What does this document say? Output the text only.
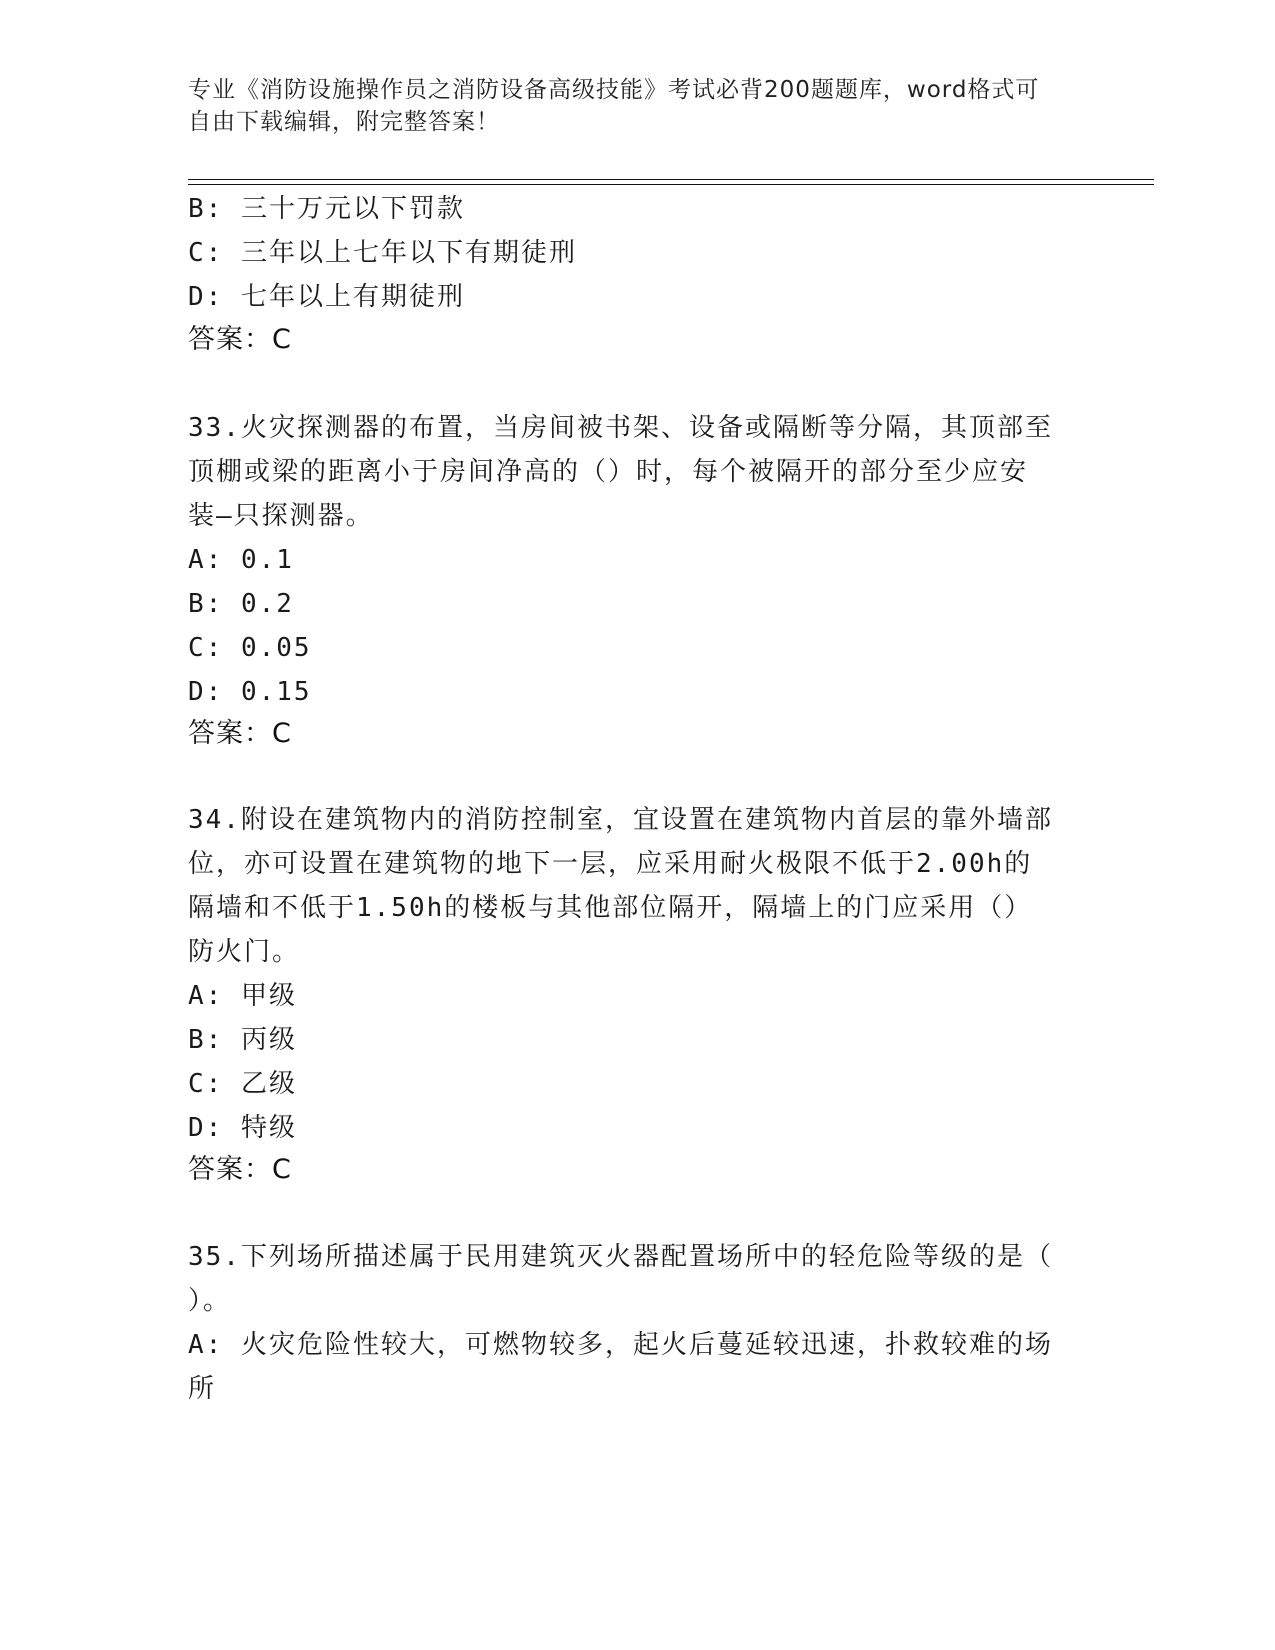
专业《消防设施操作员之消防设备高级技能》考试必背200题题库，word格式可
自由下载编辑，附完整答案！
B: 三十万元以下罚款
C: 三年以上七年以下有期徒刑
D: 七年以上有期徒刑
答案：C
33.火灾探测器的布置，当房间被书架、设备或隔断等分隔，其顶部至
顶棚或梁的距离小于房间净高的（）时，每个被隔开的部分至少应安
装—只探测器。
A: 0.1
B: 0.2
C: 0.05
D: 0.15
答案：C
34.附设在建筑物内的消防控制室，宜设置在建筑物内首层的靠外墙部
位，亦可设置在建筑物的地下一层，应采用耐火极限不低于2.00h的
隔墙和不低于1.50h的楼板与其他部位隔开，隔墙上的门应采用（）
防火门。
A: 甲级
B: 丙级
C: 乙级
D: 特级
答案：C
35.下列场所描述属于民用建筑灭火器配置场所中的轻危险等级的是（
）。
A: 火灾危险性较大，可燃物较多，起火后蔓延较迅速，扑救较难的场
所
